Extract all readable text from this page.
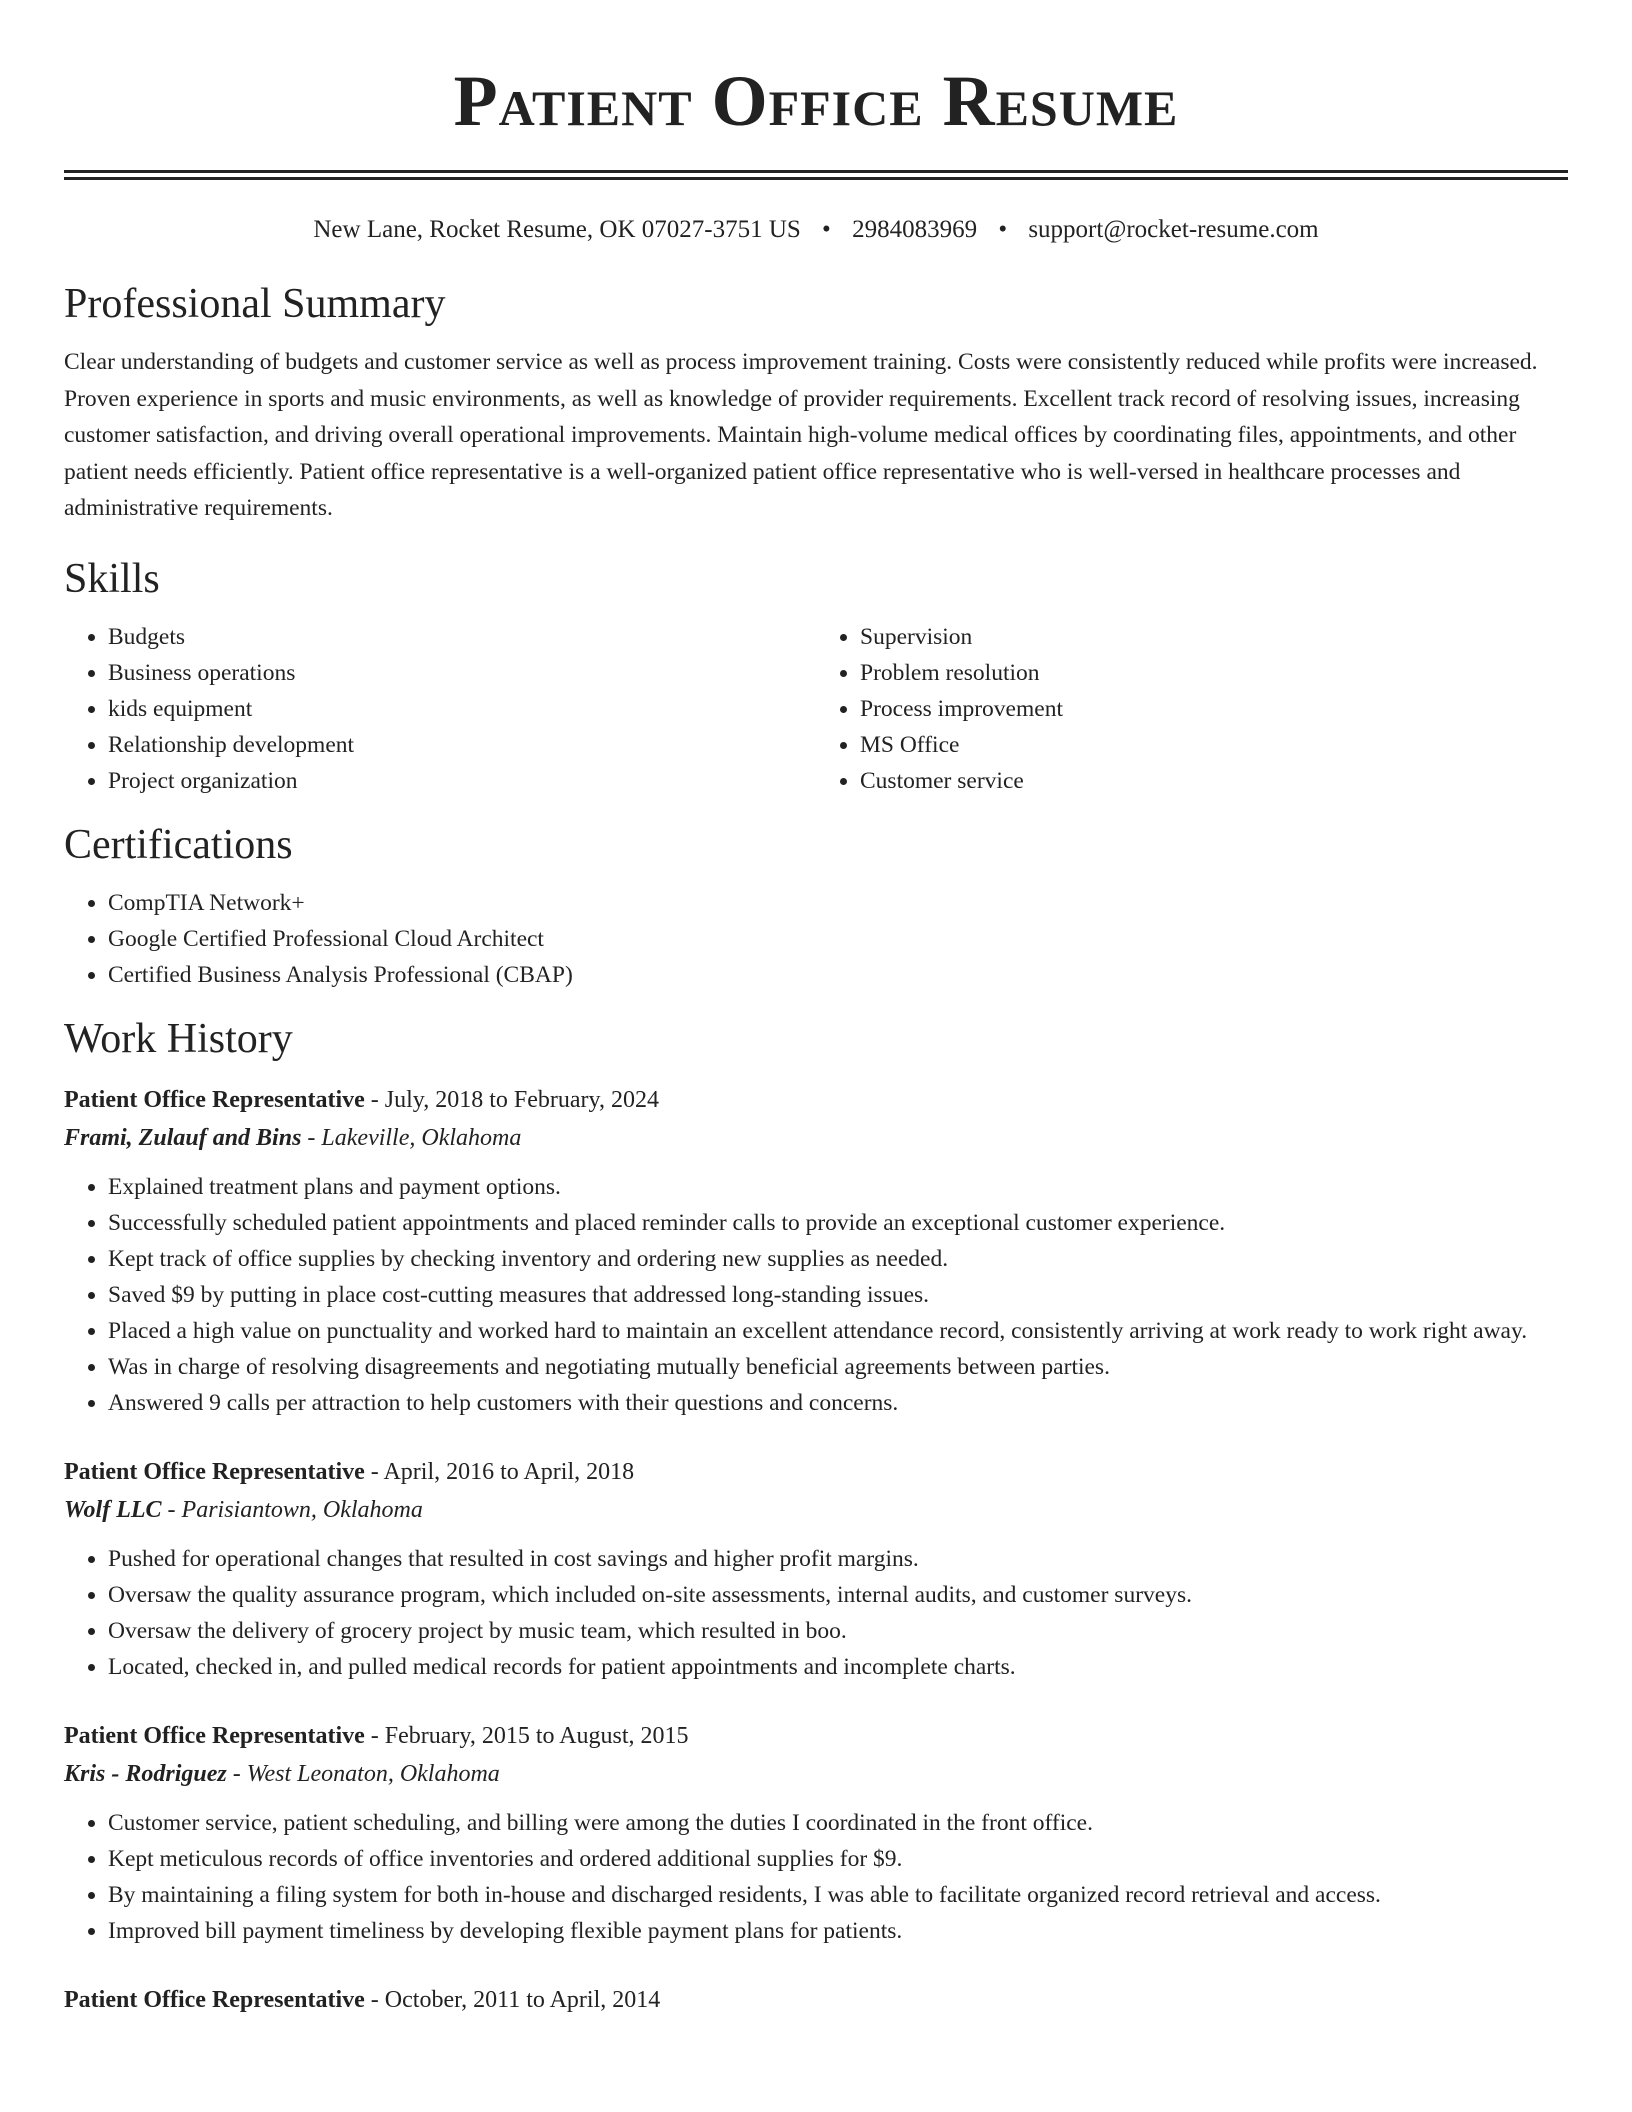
Patient Office Resume
New Lane, Rocket Resume, OK 07027-3751 US • 2984083969 • support@rocket-resume.com
Professional Summary

Clear understanding of budgets and customer service as well as process improvement training. Costs were consistently reduced while profits were increased. Proven experience in sports and music environments, as well as knowledge of provider requirements. Excellent track record of resolving issues, increasing customer satisfaction, and driving overall operational improvements. Maintain high-volume medical offices by coordinating files, appointments, and other patient needs efficiently. Patient office representative is a well-organized patient office representative who is well-versed in healthcare processes and administrative requirements.

Skills
• Budgets
• Business operations
• kids equipment
• Relationship development
• Project organization
• Supervision
• Problem resolution
• Process improvement
• MS Office
• Customer service
Certifications
• CompTIA Network+
• Google Certified Professional Cloud Architect
• Certified Business Analysis Professional (CBAP)
Work History
Patient Office Representative - July, 2018 to February, 2024
Frami, Zulauf and Bins - Lakeville, Oklahoma
• Explained treatment plans and payment options.
• Successfully scheduled patient appointments and placed reminder calls to provide an exceptional customer experience.
• Kept track of office supplies by checking inventory and ordering new supplies as needed.
• Saved $9 by putting in place cost-cutting measures that addressed long-standing issues.
• Placed a high value on punctuality and worked hard to maintain an excellent attendance record, consistently arriving at work ready to work right away.
• Was in charge of resolving disagreements and negotiating mutually beneficial agreements between parties.
• Answered 9 calls per attraction to help customers with their questions and concerns.
Patient Office Representative - April, 2016 to April, 2018
Wolf LLC - Parisiantown, Oklahoma
• Pushed for operational changes that resulted in cost savings and higher profit margins.
• Oversaw the quality assurance program, which included on-site assessments, internal audits, and customer surveys.
• Oversaw the delivery of grocery project by music team, which resulted in boo.
• Located, checked in, and pulled medical records for patient appointments and incomplete charts.
Patient Office Representative - February, 2015 to August, 2015
Kris - Rodriguez - West Leonaton, Oklahoma
• Customer service, patient scheduling, and billing were among the duties I coordinated in the front office.
• Kept meticulous records of office inventories and ordered additional supplies for $9.
• By maintaining a filing system for both in-house and discharged residents, I was able to facilitate organized record retrieval and access.
• Improved bill payment timeliness by developing flexible payment plans for patients.
Patient Office Representative - October, 2011 to April, 2014
